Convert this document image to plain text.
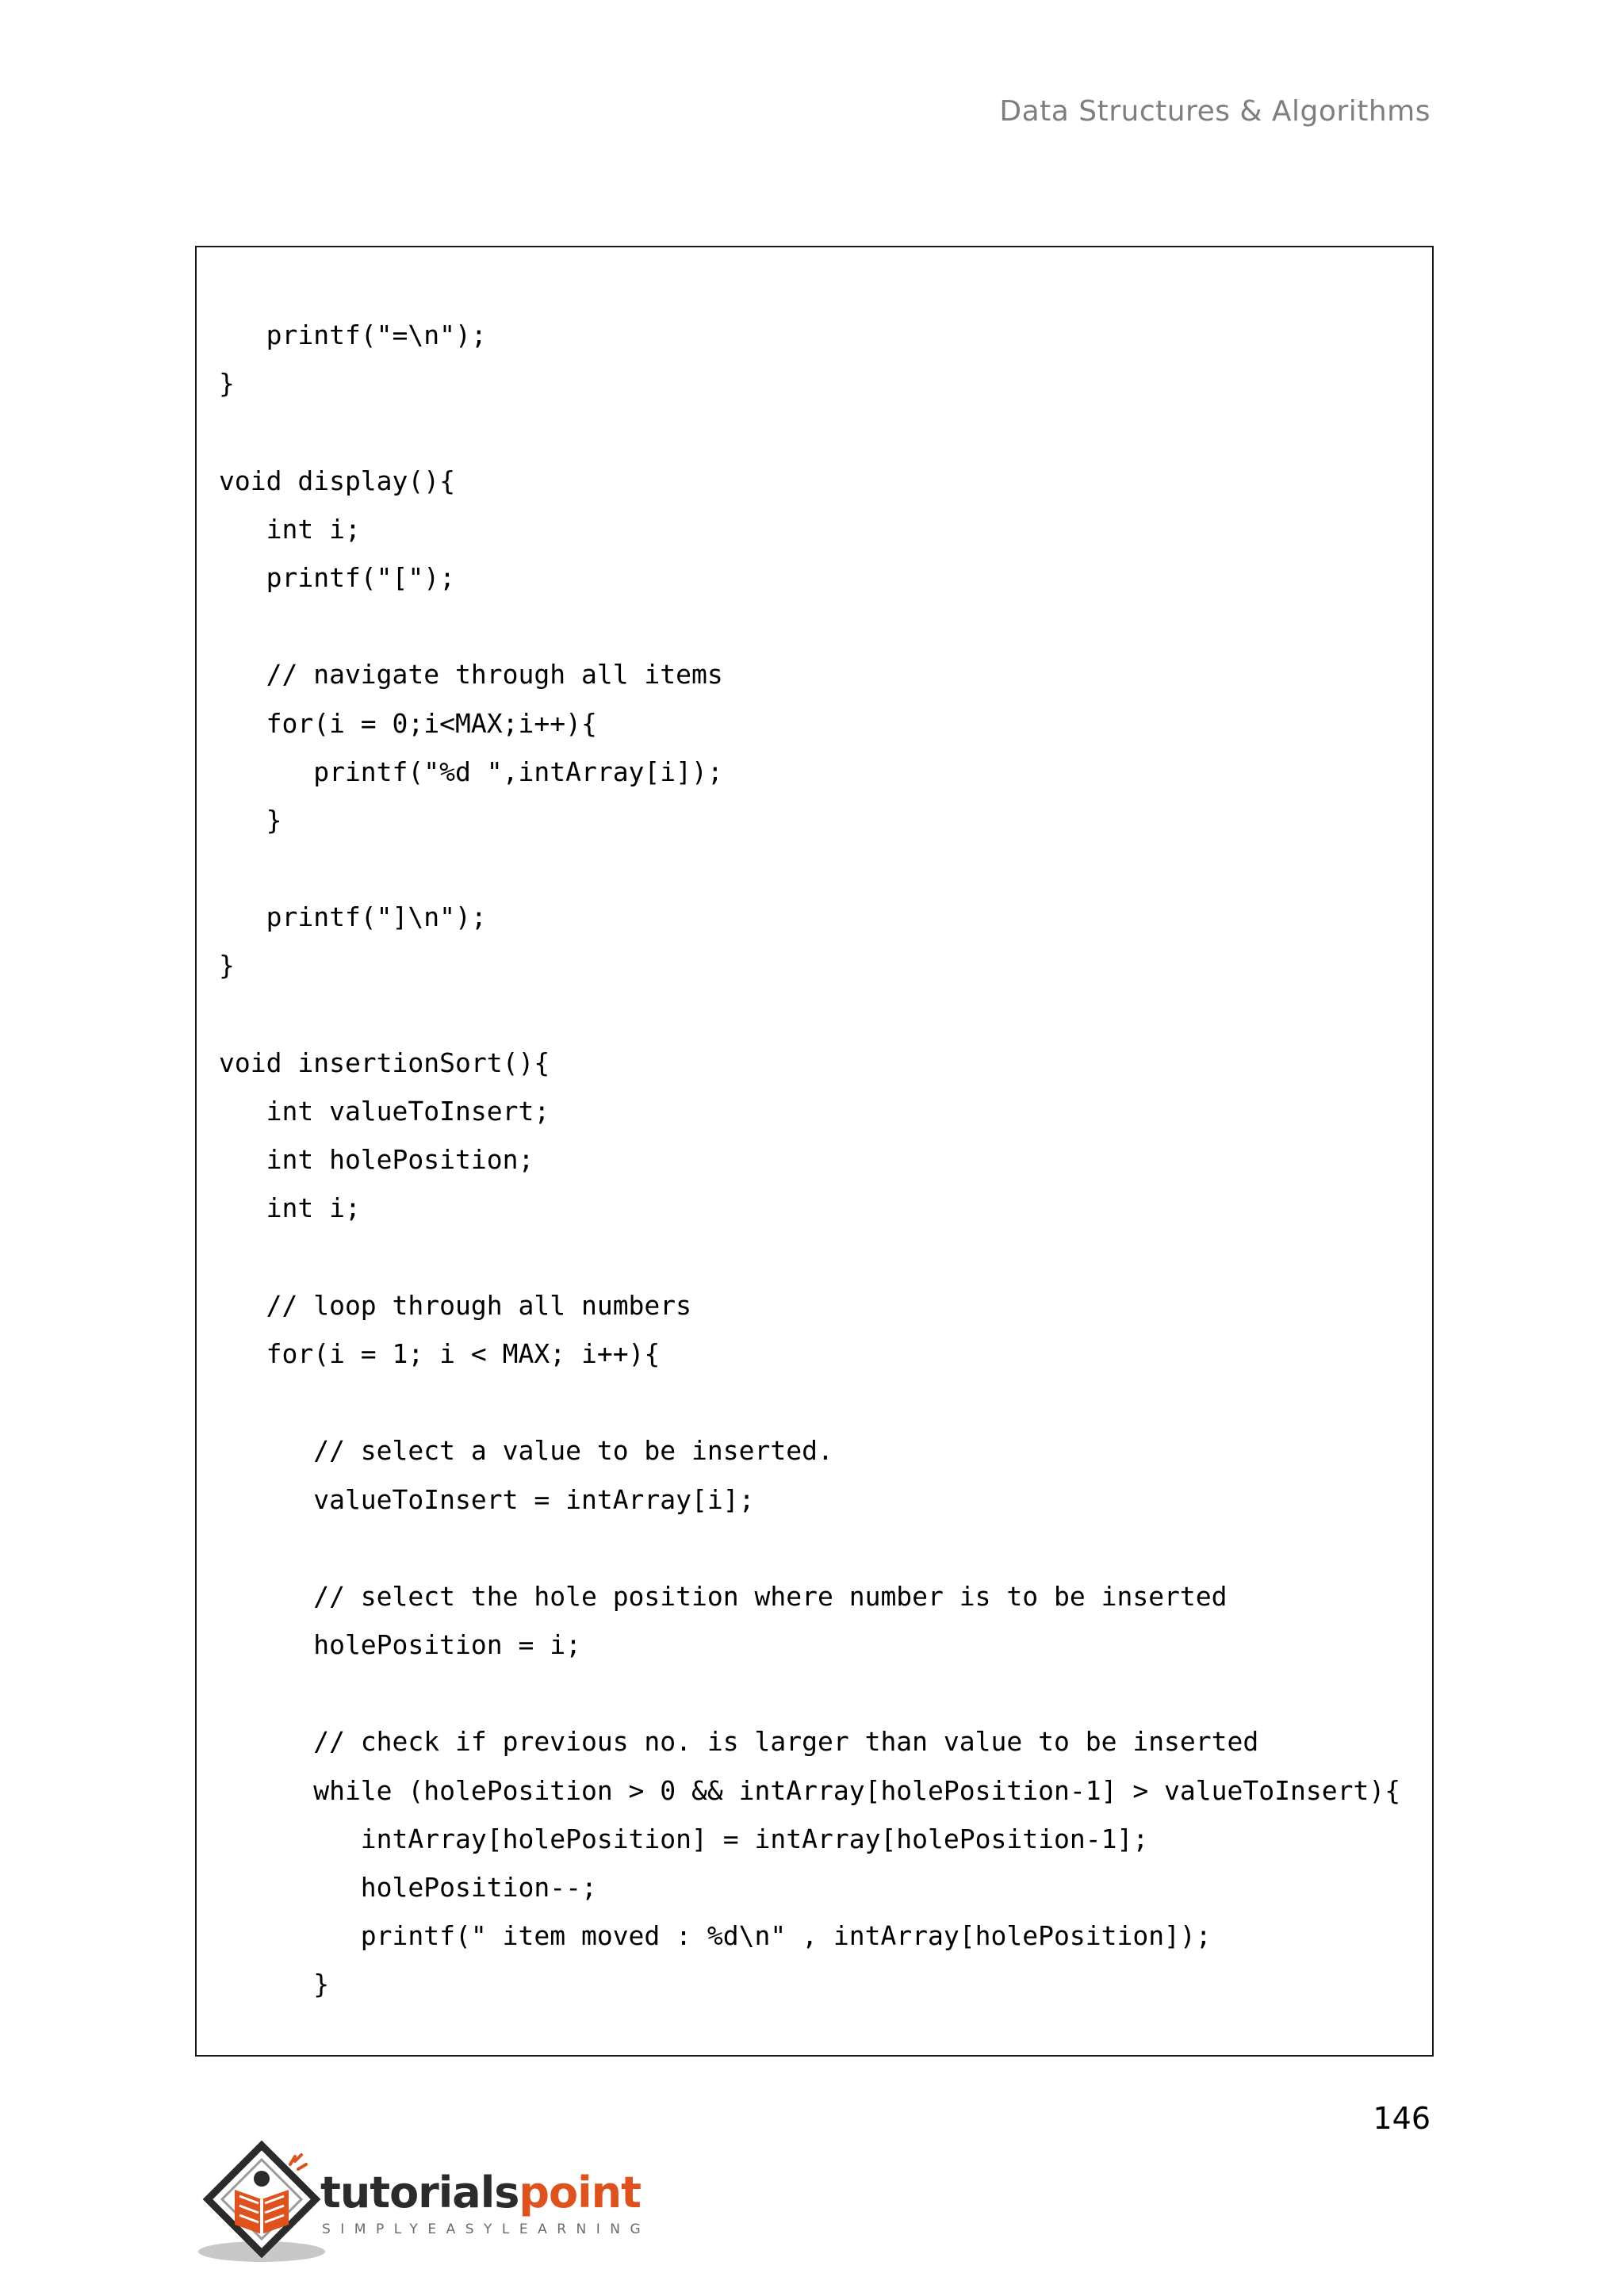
Data Structures & Algorithms
printf("=\n");
}
void display(){
int i;
printf("[");
// navigate through all items
for(i = 0;i<MAX;i++){
printf("%d ",intArray[i]);
}
printf("]\n");
}
void insertionSort(){
int valueToInsert;
int holePosition;
int i;
// loop through all numbers
for(i = 1; i < MAX; i++){
// select a value to be inserted.
valueToInsert = intArray[i];
// select the hole position where number is to be inserted
holePosition = i;
// check if previous no. is larger than value to be inserted
while (holePosition > 0 && intArray[holePosition-1] > valueToInsert){
intArray[holePosition] = intArray[holePosition-1];
holePosition--;
printf(" item moved : %d\n" , intArray[holePosition]);
}
146
tutorialspoint
SIMPLYEASYLEARNING
